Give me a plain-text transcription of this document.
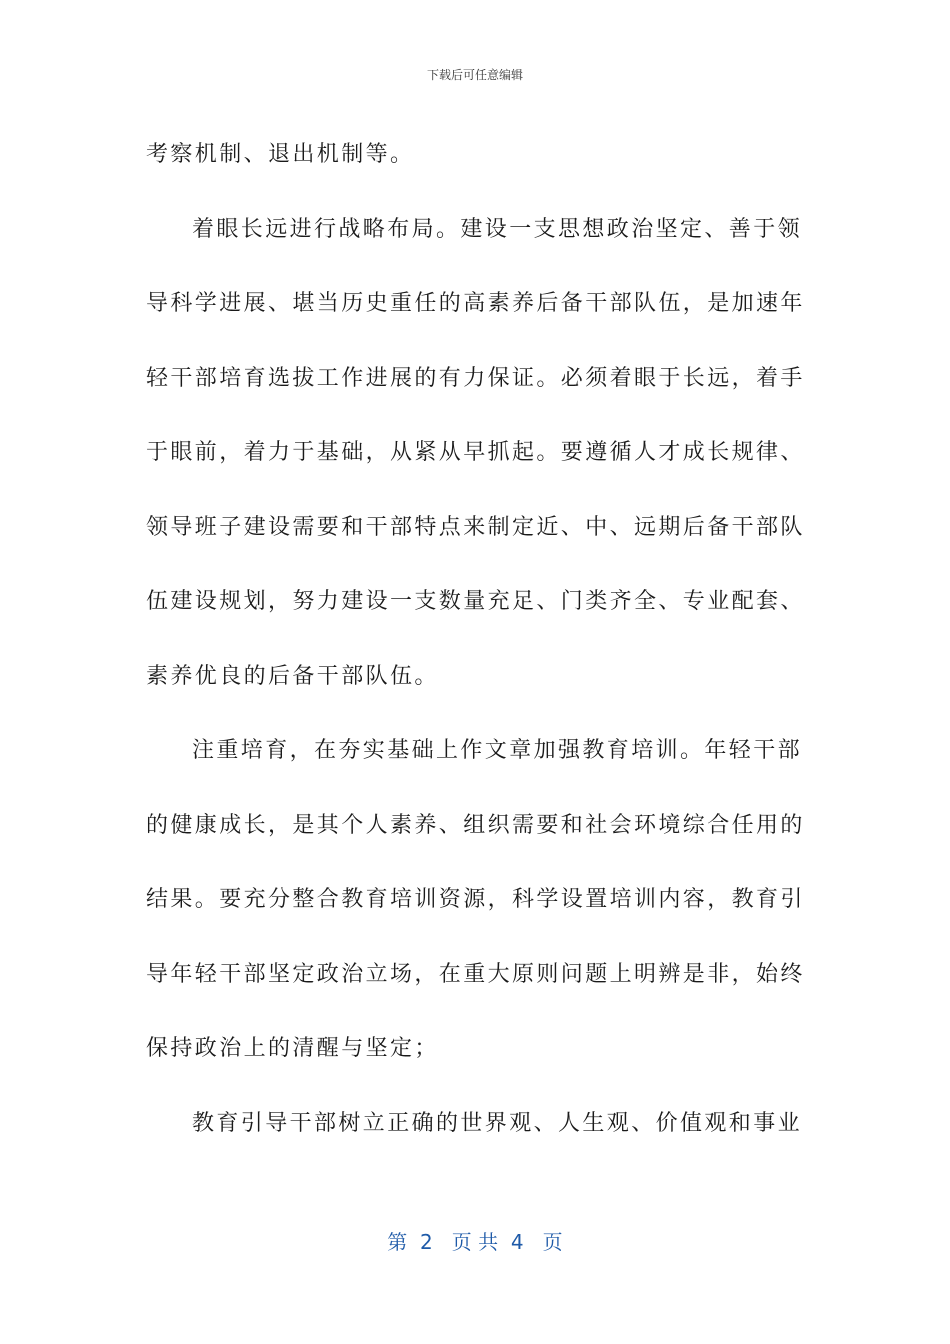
下载后可任意编辑

考察机制、退出机制等。

着眼长远进行战略布局。建设一支思想政治坚定、善于领
导科学进展、堪当历史重任的高素养后备干部队伍，是加速年
轻干部培育选拔工作进展的有力保证。必须着眼于长远，着手
于眼前，着力于基础，从紧从早抓起。要遵循人才成长规律、
领导班子建设需要和干部特点来制定近、中、远期后备干部队
伍建设规划，努力建设一支数量充足、门类齐全、专业配套、
素养优良的后备干部队伍。

注重培育，在夯实基础上作文章加强教育培训。年轻干部
的健康成长，是其个人素养、组织需要和社会环境综合任用的
结果。要充分整合教育培训资源，科学设置培训内容，教育引
导年轻干部坚定政治立场，在重大原则问题上明辨是非，始终
保持政治上的清醒与坚定；

教育引导干部树立正确的世界观、人生观、价值观和事业

第  2   页 共  4   页
